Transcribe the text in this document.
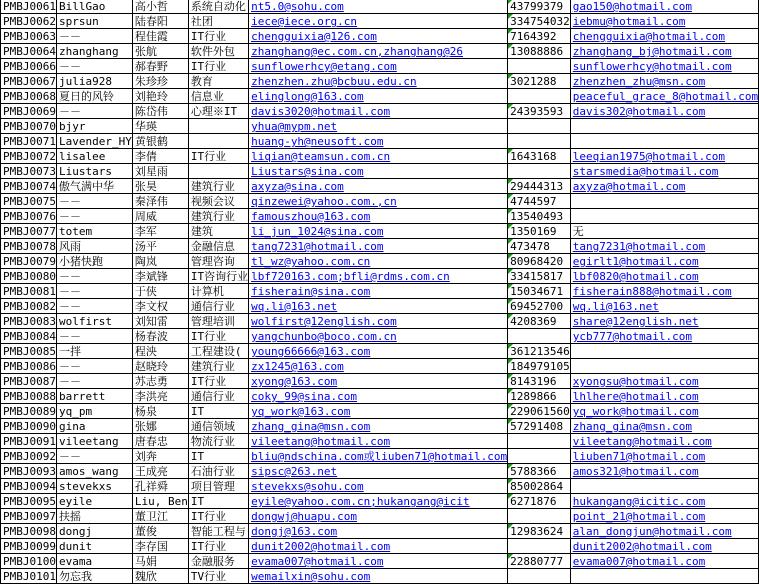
PMBJ0061	BillGao	高小哲	系统自动化	nt5.0@sohu.com	43799379	gao150@hotmail.com
PMBJ0062	sprsun	陆春阳	社团	iece@iece.org.cn	334754032	iebmu@hotmail.com
PMBJ0063	－－	程佳霞	IT行业	chengguixia@126.com	7164392	chengguixia@hotmail.com
PMBJ0064	zhanghang	张航	软件外包	zhanghang@ec.com.cn,zhanghang@26	13088886	zhanghang_bj@hotmail.com
PMBJ0066	－－	郝春野	IT行业	sunflowerhcy@etang.com		sunflowerhcy@hotmail.com
PMBJ0067	julia928	朱珍珍	教育	zhenzhen.zhu@bcbuu.edu.cn	3021288	zhenzhen_zhu@msn.com
PMBJ0068	夏日的风铃	刘艳玲	信息业	elinglong@163.com		peaceful_grace_8@hotmail.com
PMBJ0069	－－	陈岱伟	心理※IT	davis3020@hotmail.com	24393593	davis302@hotmail.com
PMBJ0070	bjyr	华瑛		yhua@mypm.net		
PMBJ0071	Lavender_HY	黄银鹤		huang-yh@neusoft.com		
PMBJ0072	lisalee	李倩	IT行业	liqian@teamsun.com.cn	1643168	leeqian1975@hotmail.com
PMBJ0073	Liustars	刘星雨		Liustars@sina.com		starsmedia@hotmail.com
PMBJ0074	傲气满中华	张昊	建筑行业	axyza@sina.com	29444313	axyza@hotmail.com
PMBJ0075	－－	秦泽伟	视频会议	qinzewei@yahoo.com.,cn	4744597	
PMBJ0076	－－	周威	建筑行业	famouszhou@163.com	13540493	
PMBJ0077	totem	李军	建筑	li_jun_1024@sina.com	1350169	无
PMBJ0078	风雨	汤平	金融信息	tang7231@hotmail.com	473478	tang7231@hotmail.com
PMBJ0079	小猪快跑	陶岚	管理咨询	tl_wz@yahoo.com.cn	80968420	egirlt1@hotmail.com
PMBJ0080	－－	李斌锋	IT咨询行业	lbf720163.com;bfli@rdms.com.cn	33415817	lbf0820@hotmail.com
PMBJ0081	－－	于侠	计算机	fisherain@sina.com	15034671	fisherain888@hotmail.com
PMBJ0082	－－	李文权	通信行业	wq.li@163.net	69452700	wq.li@163.net
PMBJ0083	wolfirst	刘知雷	管理培训	wolfirst@12english.com	4208369	share@12english.net
PMBJ0084	－－	杨春波	IT行业	yangchunbo@boco.com.cn		ycb777@hotmail.com
PMBJ0085	一拌	程泱	工程建设(	young66666@163.com	361213546	
PMBJ0086	－－	赵晓玲	建筑行业	zx1245@163.com	184979105	
PMBJ0087	－－	苏志勇	IT行业	xyong@163.com	8143196	xyongsu@hotmail.com
PMBJ0088	barrett	李洪亮	通信行业	coky_99@sina.com	1289866	lhlhere@hotmail.com
PMBJ0089	yq_pm	杨泉	IT	yq_work@163.com	229061560	yq_work@hotmail.com
PMBJ0090	gina	张娜	通信领域	zhang_gina@msn.com	57291408	zhang_gina@msn.com
PMBJ0091	vileetang	唐春忠	物流行业	vileetang@hotmail.com		vileetang@hotmail.com
PMBJ0092	－－	刘奔	IT	bliu@ndschina.com或liuben71@hotmail.com		liuben71@hotmail.com
PMBJ0093	amos_wang	王成亮	石油行业	sipsc@263.net	5788366	amos321@hotmail.com
PMBJ0094	stevekxs	孔祥舜	项目管理	stevekxs@sohu.com	85002864	
PMBJ0095	eyile	Liu, Ben	IT	eyile@yahoo.com.cn;hukangang@icit	6271876	hukangang@icitic.com
PMBJ0097	扶摇	董卫江	IT行业	dongwj@huapu.com		point_21@hotmail.com
PMBJ0098	dongj	董俊	智能工程与	dongj@163.com	12983624	alan_dongjun@hotmail.com
PMBJ0099	dunit	李存国	IT行业	dunit2002@hotmail.com		dunit2002@hotmail.com
PMBJ0100	evama	马娟	金融服务	evama007@hotmail.com	22880777	evama007@hotmail.com
PMBJ0101	勿忘我	魏欣	TV行业	wemailxin@sohu.com		
